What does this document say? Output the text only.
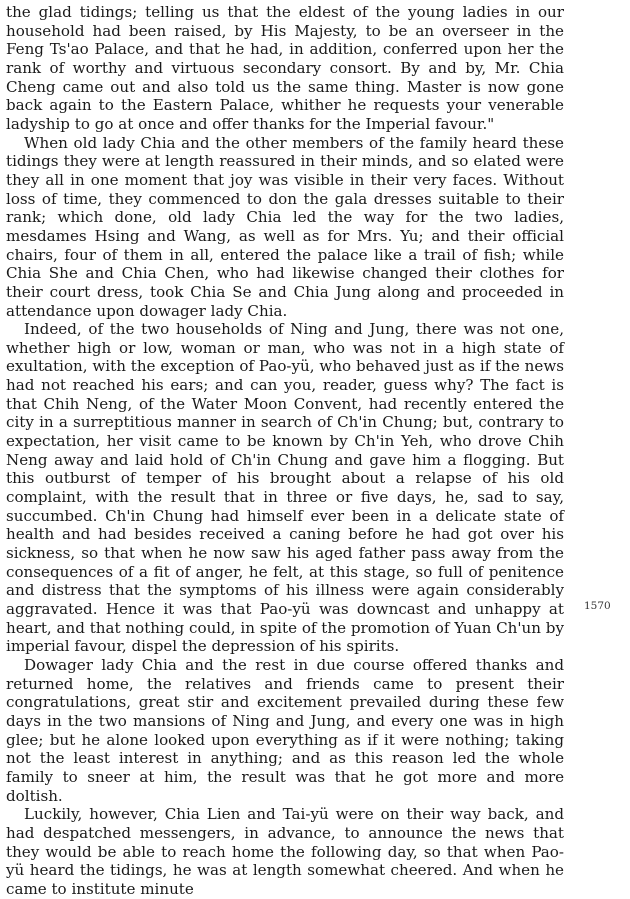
the glad tidings; telling us that the eldest of the young ladies in our household had been raised, by His Majesty, to be an overseer in the Feng Ts'ao Palace, and that he had, in addition, conferred upon her the rank of worthy and virtuous secondary consort. By and by, Mr. Chia Cheng came out and also told us the same thing. Master is now gone back again to the Eastern Palace, whither he requests your venerable ladyship to go at once and offer thanks for the Imperial favour."

When old lady Chia and the other members of the family heard these tidings they were at length reassured in their minds, and so elated were they all in one moment that joy was visible in their very faces. Without loss of time, they commenced to don the gala dresses suitable to their rank; which done, old lady Chia led the way for the two ladies, mesdames Hsing and Wang, as well as for Mrs. Yu; and their official chairs, four of them in all, entered the palace like a trail of fish; while Chia She and Chia Chen, who had likewise changed their clothes for their court dress, took Chia Se and Chia Jung along and proceeded in attendance upon dowager lady Chia.

Indeed, of the two households of Ning and Jung, there was not one, whether high or low, woman or man, who was not in a high state of exultation, with the exception of Pao-yü, who behaved just as if the news had not reached his ears; and can you, reader, guess why? The fact is that Chih Neng, of the Water Moon Convent, had recently entered the city in a surreptitious manner in search of Ch'in Chung; but, contrary to expectation, her visit came to be known by Ch'in Yeh, who drove Chih Neng away and laid hold of Ch'in Chung and gave him a flogging. But this outburst of temper of his brought about a relapse of his old complaint, with the result that in three or five days, he, sad to say, succumbed. Ch'in Chung had himself ever been in a delicate state of health and had besides received a caning before he had got over his sickness, so that when he now saw his aged father pass away from the consequences of a fit of anger, he felt, at this stage, so full of penitence and distress that the symptoms of his illness were again considerably aggravated. Hence it was that Pao-yü was downcast and unhappy at heart, and that nothing could, in spite of the promotion of Yuan Ch'un by imperial favour, dispel the depression of his spirits.

Dowager lady Chia and the rest in due course offered thanks and returned home, the relatives and friends came to present their congratulations, great stir and excitement prevailed during these few days in the two mansions of Ning and Jung, and every one was in high glee; but he alone looked upon everything as if it were nothing; taking not the least interest in anything; and as this reason led the whole family to sneer at him, the result was that he got more and more doltish.

Luckily, however, Chia Lien and Tai-yü were on their way back, and had despatched messengers, in advance, to announce the news that they would be able to reach home the following day, so that when Pao-yü heard the tidings, he was at length somewhat cheered. And when he came to institute minute

1570
